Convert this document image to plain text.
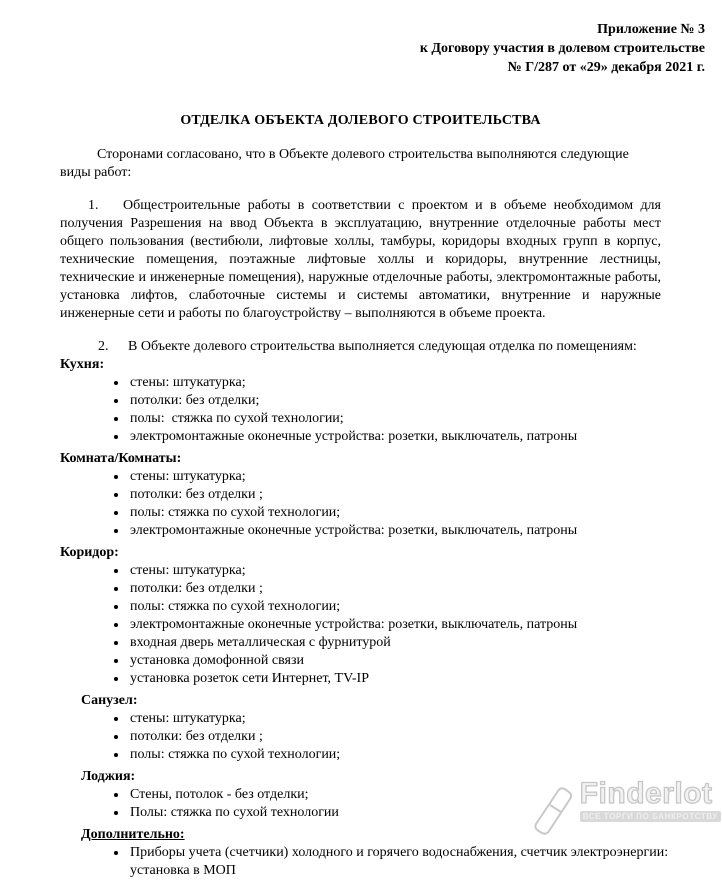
Приложение № 3
к Договору участия в долевом строительстве
№ Г/287 от «29» декабря 2021 г.
ОТДЕЛКА ОБЪЕКТА ДОЛЕВОГО СТРОИТЕЛЬСТВА

Сторонами согласовано, что в Объекте долевого строительства выполняются следующие виды работ:

1. Общестроительные работы в соответствии с проектом и в объеме необходимом для получения Разрешения на ввод Объекта в эксплуатацию, внутренние отделочные работы мест общего пользования (вестибюли, лифтовые холлы, тамбуры, коридоры входных групп в корпус, технические помещения, поэтажные лифтовые холлы и коридоры, внутренние лестницы, технические и инженерные помещения), наружные отделочные работы, электромонтажные работы, установка лифтов, слаботочные системы и системы автоматики, внутренние и наружные инженерные сети и работы по благоустройству – выполняются в объеме проекта.

2. В Объекте долевого строительства выполняется следующая отделка по помещениям:

Кухня:
• стены: штукатурка;
• потолки: без отделки;
• полы:  стяжка по сухой технологии;
• электромонтажные оконечные устройства: розетки, выключатель, патроны
Комната/Комнаты:
• стены: штукатурка;
• потолки: без отделки ;
• полы: стяжка по сухой технологии;
• электромонтажные оконечные устройства: розетки, выключатель, патроны
Коридор:
• стены: штукатурка;
• потолки: без отделки ;
• полы: стяжка по сухой технологии;
• электромонтажные оконечные устройства: розетки, выключатель, патроны
• входная дверь металлическая с фурнитурой
• установка домофонной связи
• установка розеток сети Интернет, TV-IP
Санузел:
• стены: штукатурка;
• потолки: без отделки ;
• полы: стяжка по сухой технологии;
Лоджия:
• Стены, потолок - без отделки;
• Полы: стяжка по сухой технологии
Дополнительно:
• Приборы учета (счетчики) холодного и горячего водоснабжения, счетчик электроэнергии: установка в МОП
Finderlot
ВСЕ ТОРГИ ПО БАНКРОТСТВУ
